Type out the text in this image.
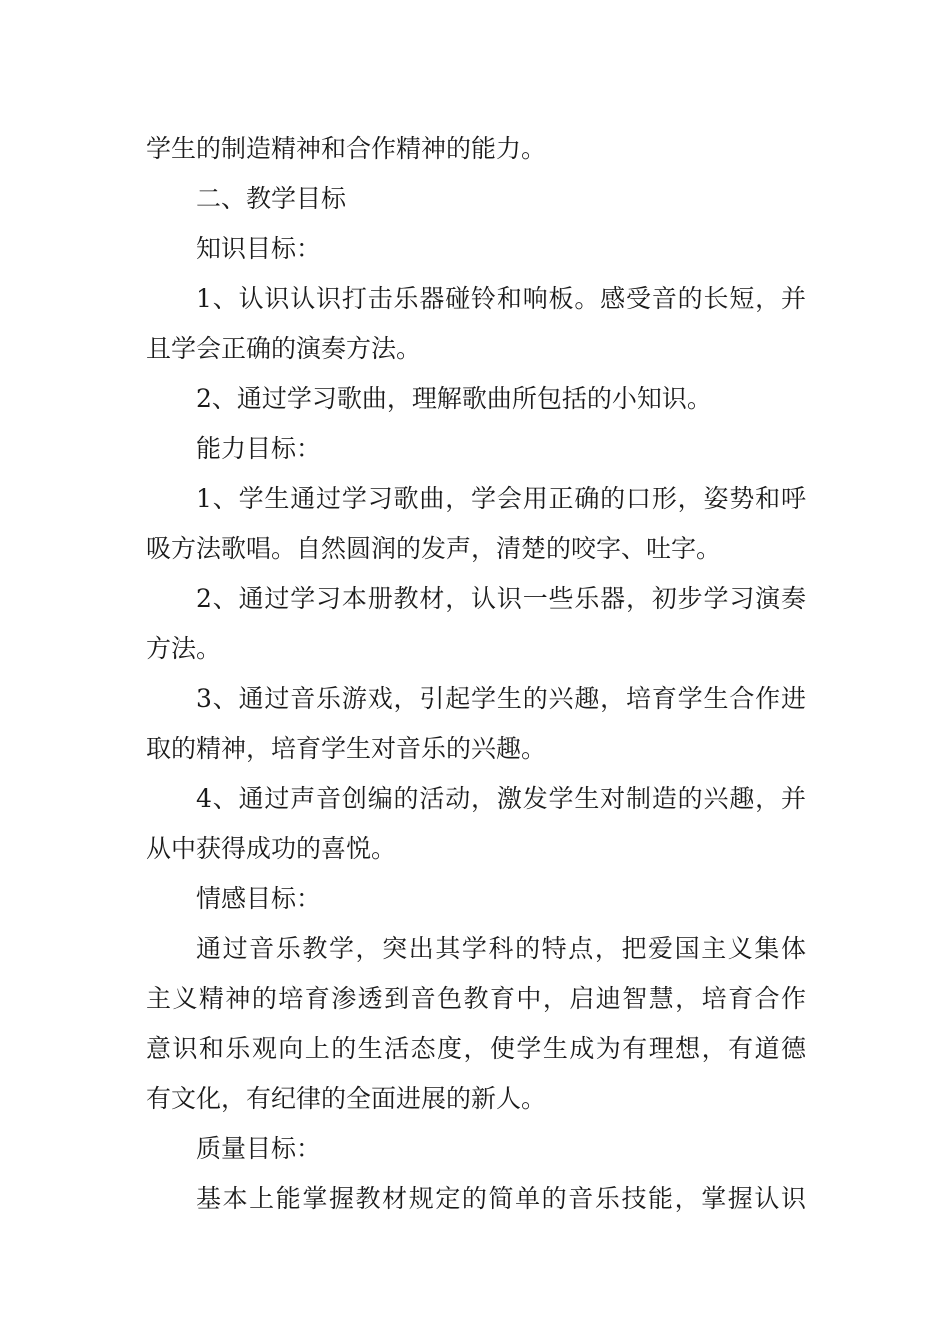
学生的制造精神和合作精神的能力。
二、教学目标
知识目标：
1、认识认识打击乐器碰铃和响板。感受音的长短，并
且学会正确的演奏方法。
2、通过学习歌曲，理解歌曲所包括的小知识。
能力目标：
1、学生通过学习歌曲，学会用正确的口形，姿势和呼
吸方法歌唱。自然圆润的发声，清楚的咬字、吐字。
2、通过学习本册教材，认识一些乐器，初步学习演奏
方法。
3、通过音乐游戏，引起学生的兴趣，培育学生合作进
取的精神，培育学生对音乐的兴趣。
4、通过声音创编的活动，激发学生对制造的兴趣，并
从中获得成功的喜悦。
情感目标：
通过音乐教学，突出其学科的特点，把爱国主义集体
主义精神的培育渗透到音色教育中，启迪智慧，培育合作
意识和乐观向上的生活态度，使学生成为有理想，有道德
有文化，有纪律的全面进展的新人。
质量目标：
基本上能掌握教材规定的简单的音乐技能，掌握认识
